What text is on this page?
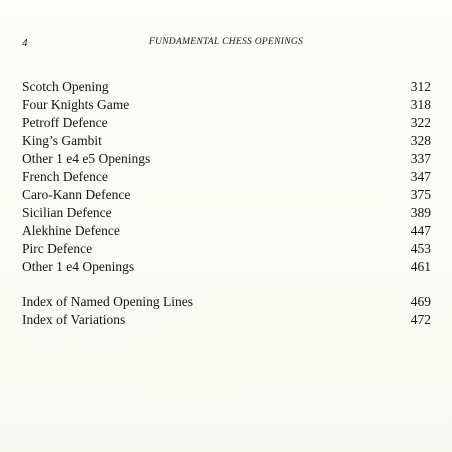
4	FUNDAMENTAL CHESS OPENINGS
Scotch Opening	312
Four Knights Game	318
Petroff Defence	322
King’s Gambit	328
Other 1 e4 e5 Openings	337
French Defence	347
Caro-Kann Defence	375
Sicilian Defence	389
Alekhine Defence	447
Pirc Defence	453
Other 1 e4 Openings	461
Index of Named Opening Lines	469
Index of Variations	472
